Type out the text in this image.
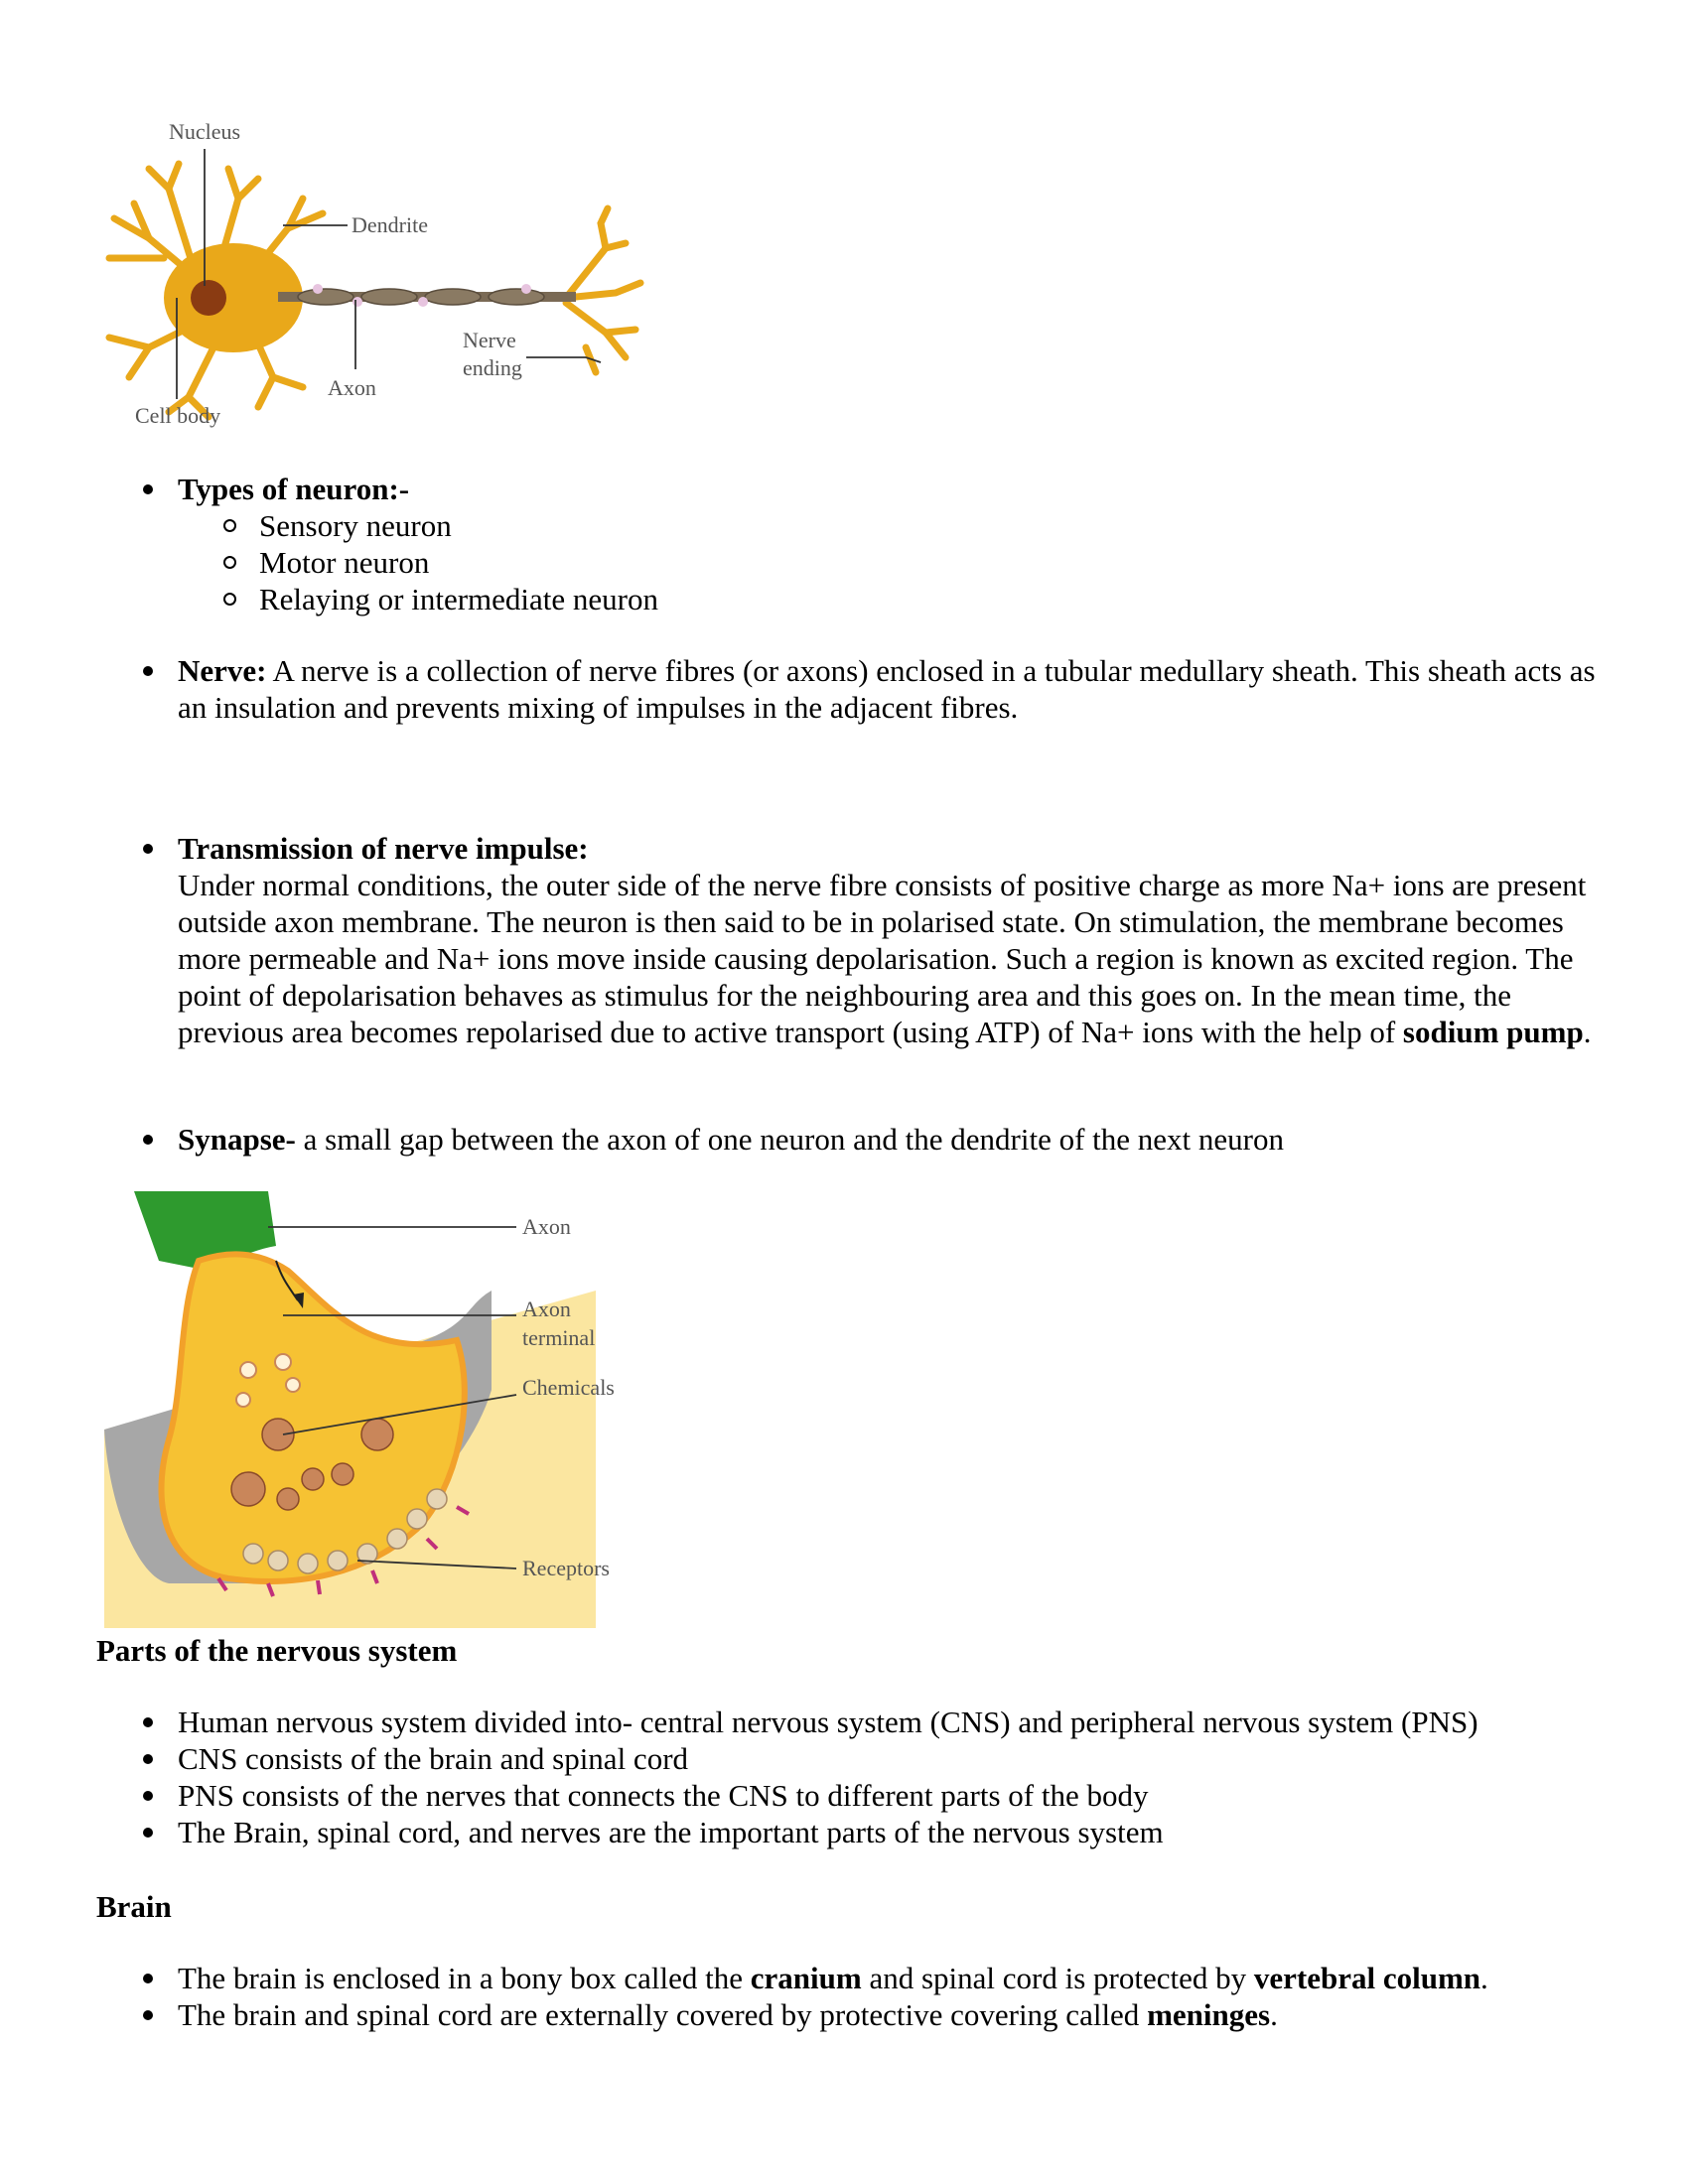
Nucleus
Dendrite
Nerve
ending
Axon
Cell body
Types of neuron:-
Sensory neuron
Motor neuron
Relaying or intermediate neuron
Nerve: A nerve is a collection of nerve fibres (or axons) enclosed in a tubular medullary sheath. This sheath acts as an insulation and prevents mixing of impulses in the adjacent fibres.
Transmission of nerve impulse:
Under normal conditions, the outer side of the nerve fibre consists of positive charge as more Na+ ions are present outside axon membrane. The neuron is then said to be in polarised state. On stimulation, the membrane becomes more permeable and Na+ ions move inside causing depolarisation. Such a region is known as excited region. The point of depolarisation behaves as stimulus for the neighbouring area and this goes on. In the mean time, the previous area becomes repolarised due to active transport (using ATP) of Na+ ions with the help of sodium pump.
Synapse- a small gap between the axon of one neuron and the dendrite of the next neuron
Axon
Axon
terminal
Chemicals
Receptors
Parts of the nervous system
Human nervous system divided into- central nervous system (CNS) and peripheral nervous system (PNS)
CNS consists of the brain and spinal cord
PNS consists of the nerves that connects the CNS to different parts of the body
The Brain, spinal cord, and nerves are the important parts of the nervous system
Brain
The brain is enclosed in a bony box called the cranium and spinal cord is protected by vertebral column.
The brain and spinal cord are externally covered by protective covering called meninges.
